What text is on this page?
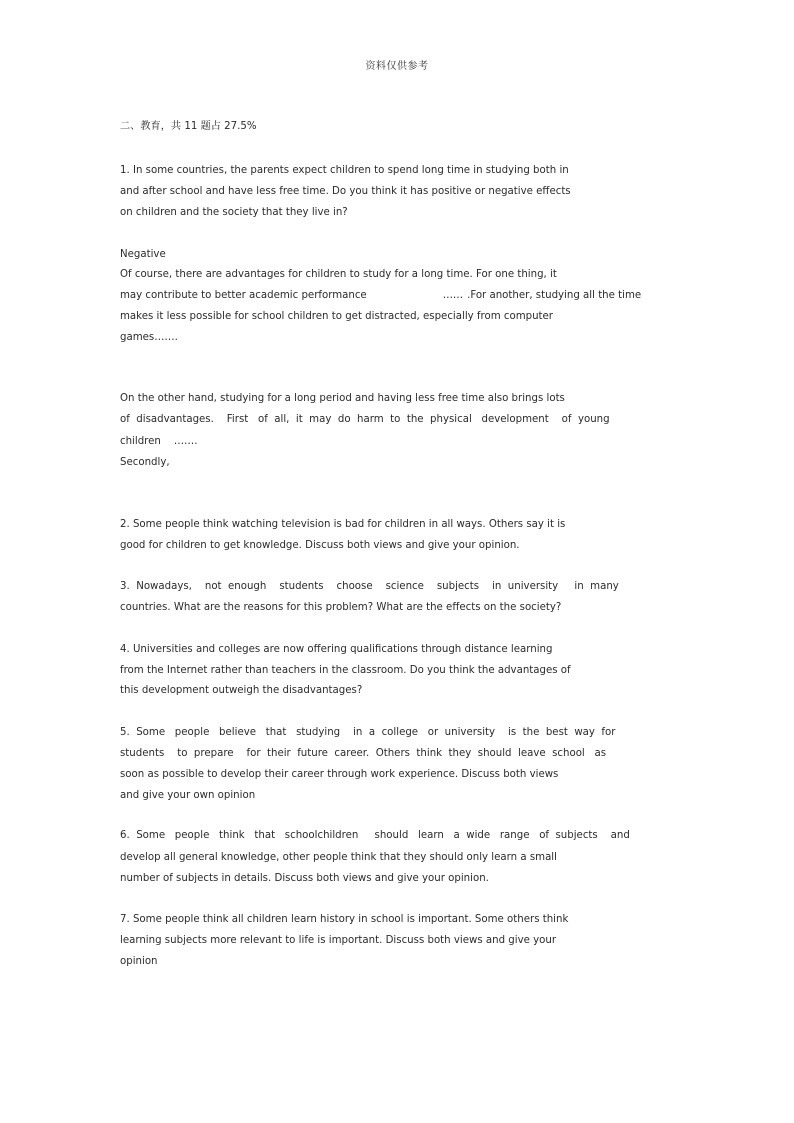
资料仅供参考
二、教育，共 11 题占 27.5%
1. In some countries, the parents expect children to spend long time in studying both in
and after school and have less free time. Do you think it has positive or negative effects
on children and the society that they live in?
Negative
Of course, there are advantages for children to study for a long time. For one thing, it
may contribute to better academic performance	…… .For another, studying all the time
makes it less possible for school children to get distracted, especially from computer
games…….
On the other hand, studying for a long period and having less free time also brings lots
of  disadvantages.    First   of  all,  it  may  do  harm  to  the  physical   development    of  young
children    …….
Secondly,
2. Some people think watching television is bad for children in all ways. Others say it is
good for children to get knowledge. Discuss both views and give your opinion.
3.  Nowadays,    not  enough    students    choose    science    subjects    in  university     in  many
countries. What are the reasons for this problem? What are the effects on the society?
4. Universities and colleges are now offering qualifications through distance learning
from the Internet rather than teachers in the classroom. Do you think the advantages of
this development outweigh the disadvantages?
5.  Some   people   believe   that   studying    in  a  college   or  university    is  the  best  way  for
students    to  prepare    for  their  future  career.  Others  think  they  should  leave  school   as
soon as possible to develop their career through work experience. Discuss both views
and give your own opinion
6.  Some   people   think   that   schoolchildren     should   learn   a  wide   range   of  subjects    and
develop all general knowledge, other people think that they should only learn a small
number of subjects in details. Discuss both views and give your opinion.
7. Some people think all children learn history in school is important. Some others think
learning subjects more relevant to life is important. Discuss both views and give your
opinion
